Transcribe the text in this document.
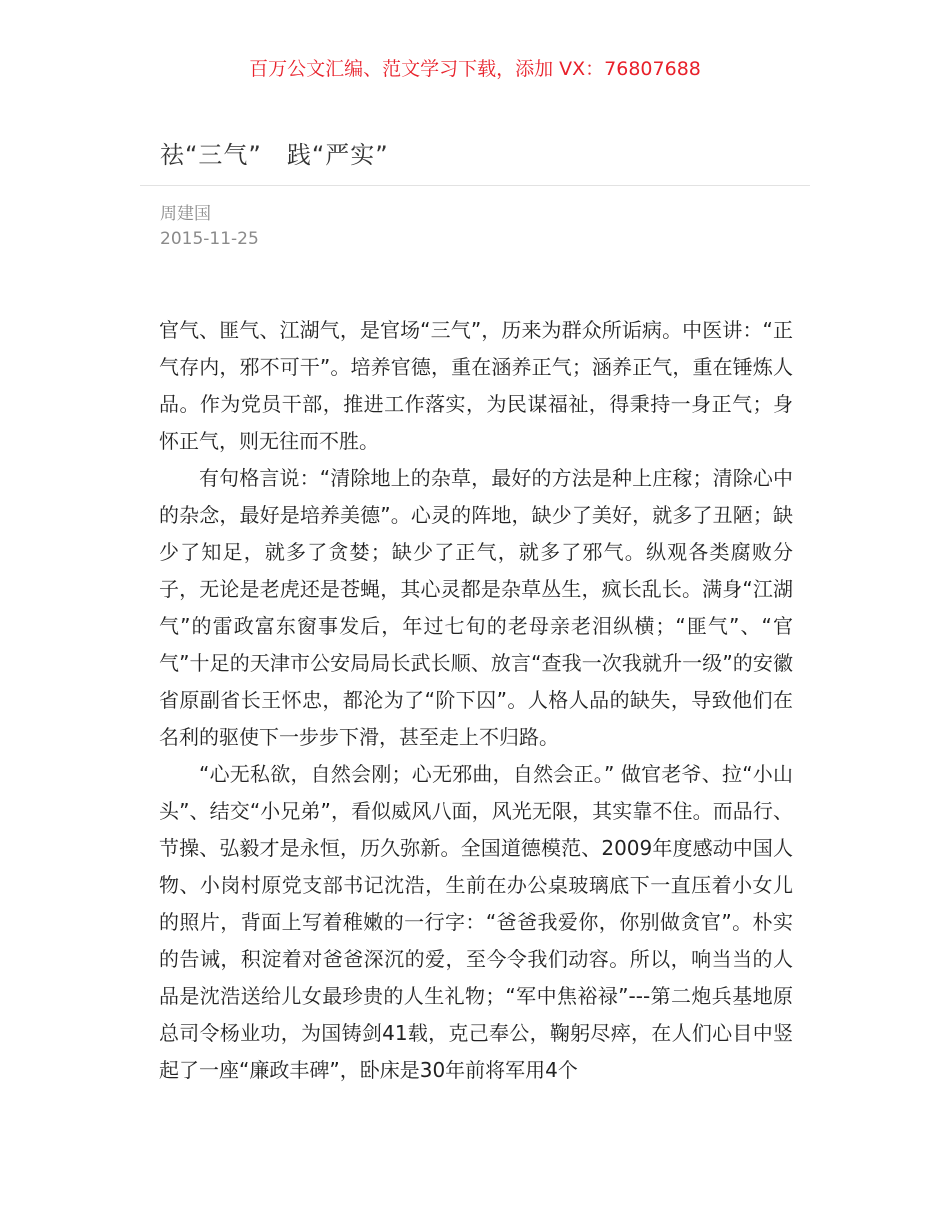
百万公文汇编、范文学习下载，添加 VX：76807688
祛“三气”　践“严实”
周建国
2015-11-25

官气、匪气、江湖气，是官场“三气”，历来为群众所诟病。中医讲：“正气存内，邪不可干”。培养官德，重在涵养正气；涵养正气，重在锤炼人品。作为党员干部，推进工作落实，为民谋福祉，得秉持一身正气；身怀正气，则无往而不胜。

有句格言说：“清除地上的杂草，最好的方法是种上庄稼；清除心中的杂念，最好是培养美德”。心灵的阵地，缺少了美好，就多了丑陋；缺少了知足，就多了贪婪；缺少了正气，就多了邪气。纵观各类腐败分子，无论是老虎还是苍蝇，其心灵都是杂草丛生，疯长乱长。满身“江湖气”的雷政富东窗事发后，年过七旬的老母亲老泪纵横；“匪气”、“官气”十足的天津市公安局局长武长顺、放言“查我一次我就升一级”的安徽省原副省长王怀忠，都沦为了“阶下囚”。人格人品的缺失，导致他们在名利的驱使下一步步下滑，甚至走上不归路。

“心无私欲，自然会刚；心无邪曲，自然会正。” 做官老爷、拉“小山头”、结交“小兄弟”，看似威风八面，风光无限，其实靠不住。而品行、节操、弘毅才是永恒，历久弥新。全国道德模范、2009年度感动中国人物、小岗村原党支部书记沈浩，生前在办公桌玻璃底下一直压着小女儿的照片，背面上写着稚嫩的一行字：“爸爸我爱你，你别做贪官”。朴实的告诫，积淀着对爸爸深沉的爱，至今令我们动容。所以，响当当的人品是沈浩送给儿女最珍贵的人生礼物；“军中焦裕禄”---第二炮兵基地原总司令杨业功，为国铸剑41载，克己奉公，鞠躬尽瘁，在人们心目中竖起了一座“廉政丰碑”，卧床是30年前将军用4个
